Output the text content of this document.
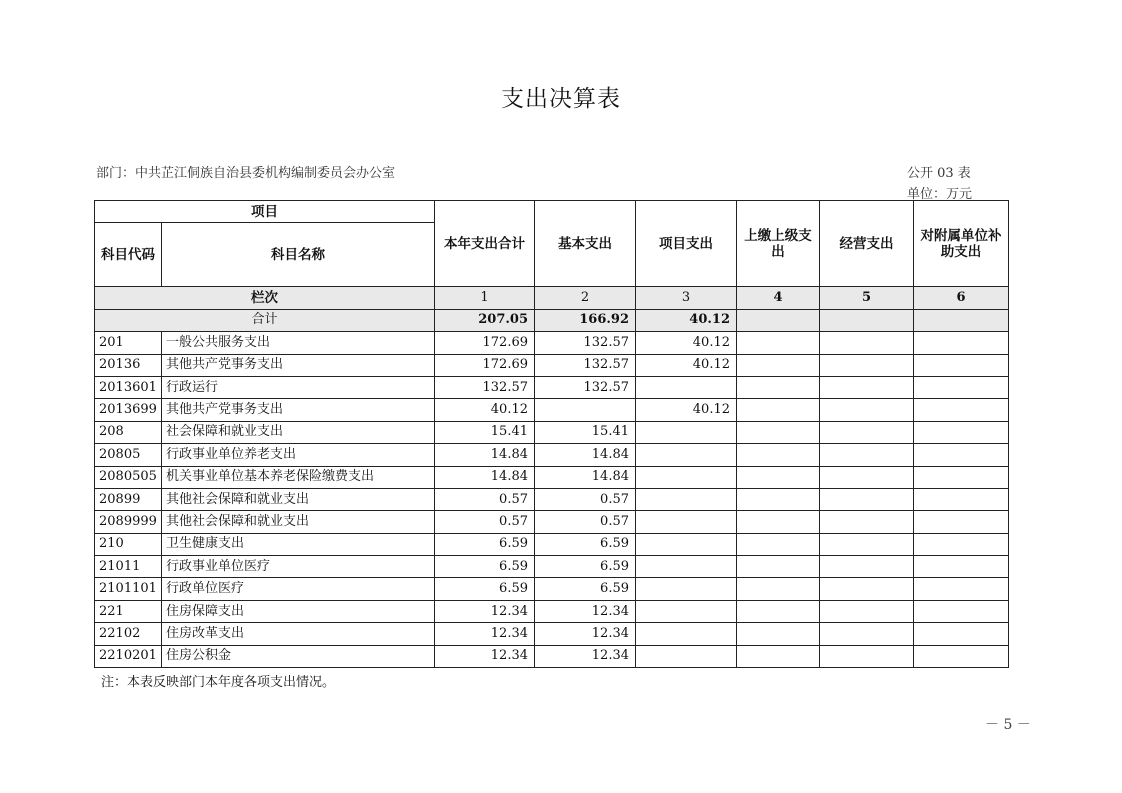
支出决算表
部门：中共芷江侗族自治县委机构编制委员会办公室	公开 03 表
单位：万元
项目		本年支出合计	基本支出	项目支出	上缴上级支出	经营支出	对附属单位补助支出
科目代码	科目名称						
栏次		1	2	3	4	5	6
合计		207.05	166.92	40.12			
201	一般公共服务支出	172.69	132.57	40.12			
20136	其他共产党事务支出	172.69	132.57	40.12			
2013601	行政运行	132.57	132.57				
2013699	其他共产党事务支出	40.12		40.12			
208	社会保障和就业支出	15.41	15.41				
20805	行政事业单位养老支出	14.84	14.84				
2080505	机关事业单位基本养老保险缴费支出	14.84	14.84				
20899	其他社会保障和就业支出	0.57	0.57				
2089999	其他社会保障和就业支出	0.57	0.57				
210	卫生健康支出	6.59	6.59				
21011	行政事业单位医疗	6.59	6.59				
2101101	行政单位医疗	6.59	6.59				
221	住房保障支出	12.34	12.34				
22102	住房改革支出	12.34	12.34				
2210201	住房公积金	12.34	12.34				
注：本表反映部门本年度各项支出情况。
－ 5 －
